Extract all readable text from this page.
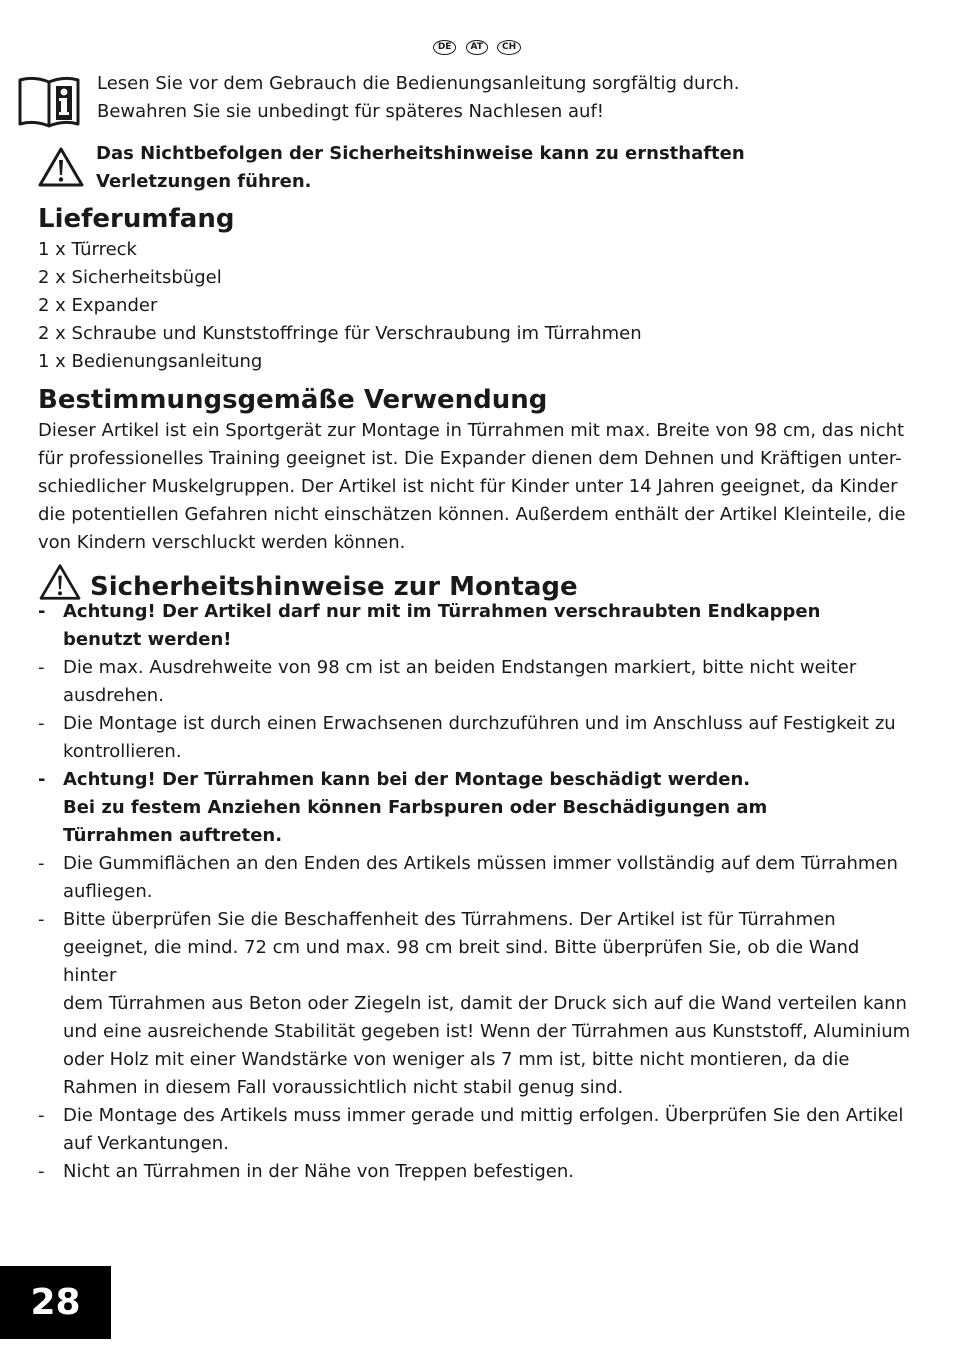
DE AT CH
Lesen Sie vor dem Gebrauch die Bedienungsanleitung sorgfältig durch.
Bewahren Sie sie unbedingt für späteres Nachlesen auf!
Das Nichtbefolgen der Sicherheitshinweise kann zu ernsthaften
Verletzungen führen.
Lieferumfang
1 x Türreck
2 x Sicherheitsbügel
2 x Expander
2 x Schraube und Kunststoffringe für Verschraubung im Türrahmen
1 x Bedienungsanleitung
Bestimmungsgemäße Verwendung
Dieser Artikel ist ein Sportgerät zur Montage in Türrahmen mit max. Breite von 98 cm, das nicht
für professionelles Training geeignet ist. Die Expander dienen dem Dehnen und Kräftigen unter-
schiedlicher Muskelgruppen. Der Artikel ist nicht für Kinder unter 14 Jahren geeignet, da Kinder
die potentiellen Gefahren nicht einschätzen können. Außerdem enthält der Artikel Kleinteile, die
von Kindern verschluckt werden können.
Sicherheitshinweise zur Montage
- Achtung! Der Artikel darf nur mit im Türrahmen verschraubten Endkappen
benutzt werden!
- Die max. Ausdrehweite von 98 cm ist an beiden Endstangen markiert, bitte nicht weiter
ausdrehen.
- Die Montage ist durch einen Erwachsenen durchzuführen und im Anschluss auf Festigkeit zu
kontrollieren.
- Achtung! Der Türrahmen kann bei der Montage beschädigt werden.
Bei zu festem Anziehen können Farbspuren oder Beschädigungen am
Türrahmen auftreten.
- Die Gummiflächen an den Enden des Artikels müssen immer vollständig auf dem Türrahmen
aufliegen.
- Bitte überprüfen Sie die Beschaffenheit des Türrahmens. Der Artikel ist für Türrahmen
geeignet, die mind. 72 cm und max. 98 cm breit sind. Bitte überprüfen Sie, ob die Wand hinter
dem Türrahmen aus Beton oder Ziegeln ist, damit der Druck sich auf die Wand verteilen kann
und eine ausreichende Stabilität gegeben ist! Wenn der Türrahmen aus Kunststoff, Aluminium
oder Holz mit einer Wandstärke von weniger als 7 mm ist, bitte nicht montieren, da die
Rahmen in diesem Fall voraussichtlich nicht stabil genug sind.
- Die Montage des Artikels muss immer gerade und mittig erfolgen. Überprüfen Sie den Artikel
auf Verkantungen.
- Nicht an Türrahmen in der Nähe von Treppen befestigen.
28
